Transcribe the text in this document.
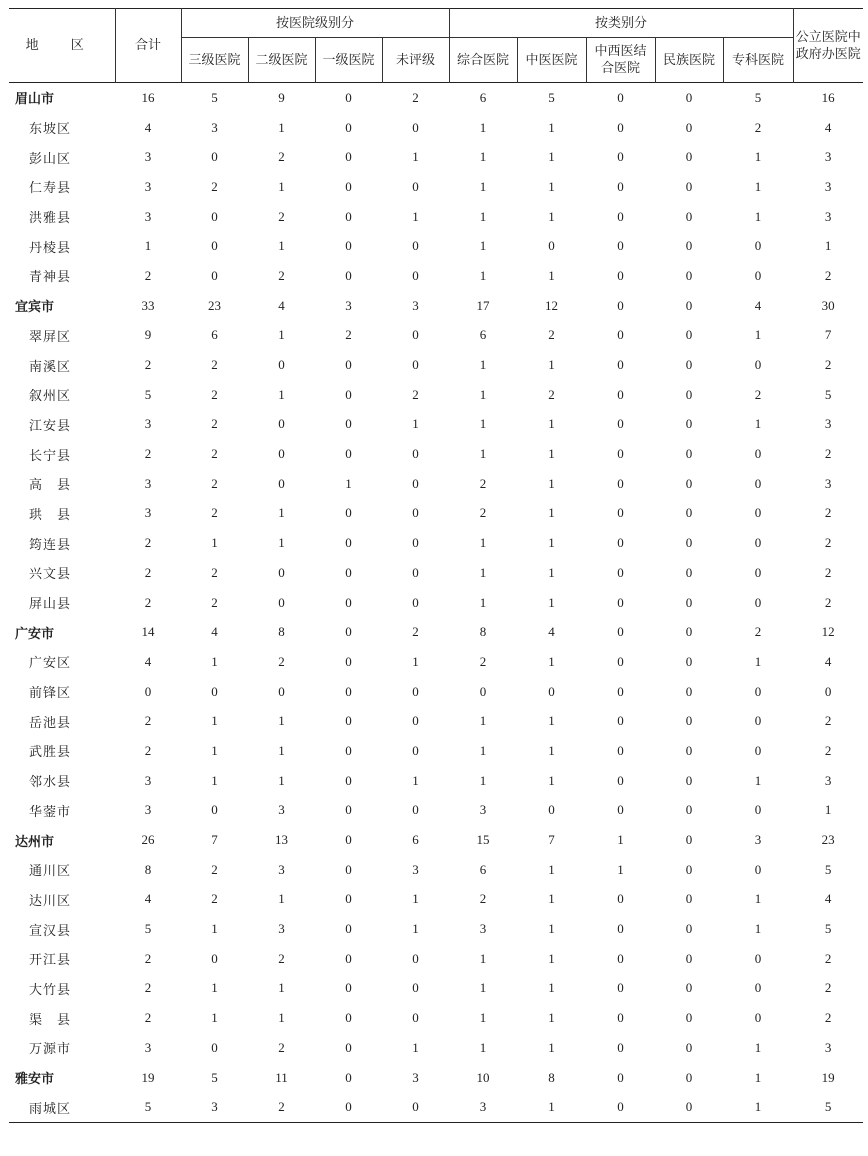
地 区	合计	按医院级别分				按类别分					公立医院中政府办医院
		三级医院	二级医院	一级医院	未评级	综合医院	中医医院	中西医结合医院	民族医院	专科医院	
眉山市	16	5	9	0	2	6	5	0	0	5	16
东坡区	4	3	1	0	0	1	1	0	0	2	4
彭山区	3	0	2	0	1	1	1	0	0	1	3
仁寿县	3	2	1	0	0	1	1	0	0	1	3
洪雅县	3	0	2	0	1	1	1	0	0	1	3
丹棱县	1	0	1	0	0	1	0	0	0	0	1
青神县	2	0	2	0	0	1	1	0	0	0	2
宜宾市	33	23	4	3	3	17	12	0	0	4	30
翠屏区	9	6	1	2	0	6	2	0	0	1	7
南溪区	2	2	0	0	0	1	1	0	0	0	2
叙州区	5	2	1	0	2	1	2	0	0	2	5
江安县	3	2	0	0	1	1	1	0	0	1	3
长宁县	2	2	0	0	0	1	1	0	0	0	2
高　县	3	2	0	1	0	2	1	0	0	0	3
珙　县	3	2	1	0	0	2	1	0	0	0	2
筠连县	2	1	1	0	0	1	1	0	0	0	2
兴文县	2	2	0	0	0	1	1	0	0	0	2
屏山县	2	2	0	0	0	1	1	0	0	0	2
广安市	14	4	8	0	2	8	4	0	0	2	12
广安区	4	1	2	0	1	2	1	0	0	1	4
前锋区	0	0	0	0	0	0	0	0	0	0	0
岳池县	2	1	1	0	0	1	1	0	0	0	2
武胜县	2	1	1	0	0	1	1	0	0	0	2
邻水县	3	1	1	0	1	1	1	0	0	1	3
华蓥市	3	0	3	0	0	3	0	0	0	0	1
达州市	26	7	13	0	6	15	7	1	0	3	23
通川区	8	2	3	0	3	6	1	1	0	0	5
达川区	4	2	1	0	1	2	1	0	0	1	4
宣汉县	5	1	3	0	1	3	1	0	0	1	5
开江县	2	0	2	0	0	1	1	0	0	0	2
大竹县	2	1	1	0	0	1	1	0	0	0	2
渠　县	2	1	1	0	0	1	1	0	0	0	2
万源市	3	0	2	0	1	1	1	0	0	1	3
雅安市	19	5	11	0	3	10	8	0	0	1	19
雨城区	5	3	2	0	0	3	1	0	0	1	5
